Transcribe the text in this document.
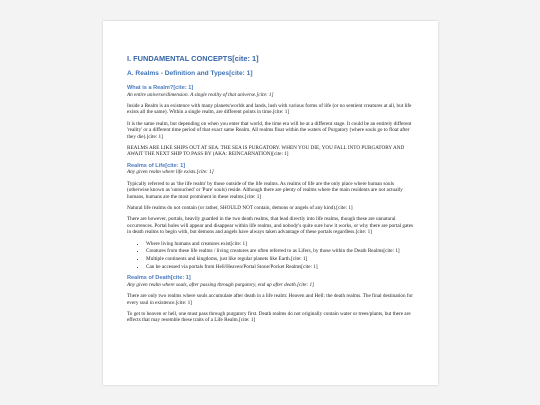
I. FUNDAMENTAL CONCEPTS[cite: 1]
A. Realms - Definition and Types[cite: 1]
What is a Realm?[cite: 1]
An entire universe/dimension. A single reality of that universe.[cite: 1]
Inside a Realm is an existence with many planets/worlds and lands, lush with various forms of life (or no sentient creatures at all, but life exists all the same). Within a single realm, are different points in time.[cite: 1]
It is the same realm, but depending on when you enter that world, the time era will be at a different stage. It could be an entirely different 'reality' or a different time period of that exact same Realm. All realms float within the waters of Purgatory (where souls go to float after they die).[cite: 1]
REALMS ARE LIKE SHIPS OUT AT SEA. THE SEA IS PURGATORY. WHEN YOU DIE, YOU FALL INTO PURGATORY AND AWAIT THE NEXT SHIP TO PASS BY (AKA: REINCARNATION)[cite: 1]
Realms of Life[cite: 1]
Any given realm where life exists.[cite: 1]
Typically referred to as 'the life realm' by those outside of the life realms. As realms of life are the only place where human souls (otherwise known as 'untouched' or 'Pure' souls) reside. Although there are plenty of realms where the main residents are not actually humans, humans are the most prominent in these realms.[cite: 1]
Natural life realms do not contain (or rather, SHOULD NOT contain, demons or angels of any kind).[cite: 1]
There are however, portals, heavily guarded in the two death realms, that lead directly into life realms, though these are unnatural occurrences. Portal holes will appear and disappear within life realms, and nobody's quite sure how it works, or why there are portal gates in death realms to begin with, but demons and angels have always taken advantage of these portals regardless.[cite: 1]
• Where living humans and creatures exist[cite: 1]
• Creatures from these life realms / living creatures are often referred to as Lifers, by those within the Death Realms[cite: 1]
• Multiple continents and kingdoms, just like regular planets like Earth.[cite: 1]
• Can be accessed via portals from Hell/Heaven/Portal Stone/Pocket Realms[cite: 1]
Realms of Death[cite: 1]
Any given realm where souls, after passing through purgatory, end up after death.[cite: 1]
There are only two realms where souls accumulate after death in a life realm: Heaven and Hell: the death realms. The final destination for every soul in existence.[cite: 1]
To get to heaven or hell, one must pass through purgatory first. Death realms do not originally contain water or trees/plants, but there are effects that may resemble these traits of a Life Realm.[cite: 1]
